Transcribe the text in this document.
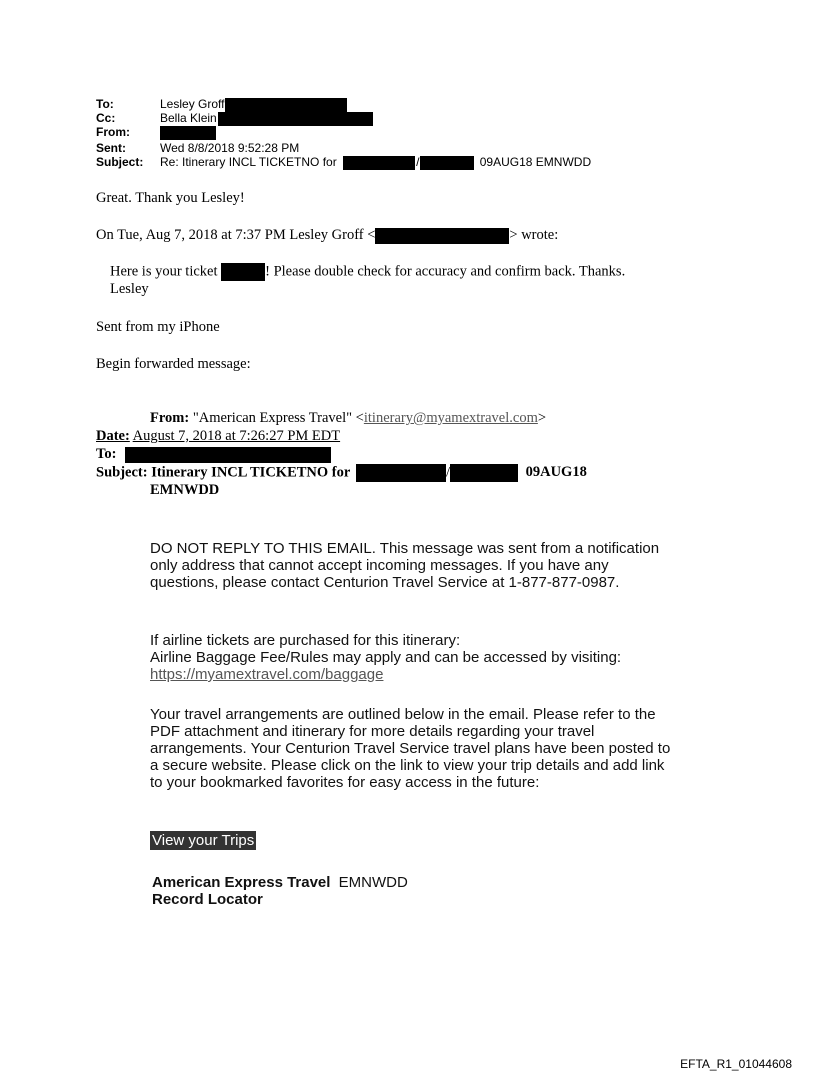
To:	Lesley Groff
Cc:	Bella Klein
From:
Sent:	Wed 8/8/2018 9:52:28 PM
Subject: Re: Itinerary INCL TICKETNO for	/	09AUG18 EMNWDD
Great. Thank you Lesley!
On Tue, Aug 7, 2018 at 7:37 PM Lesley Groff <	> wrote:
Here is your ticket	! Please double check for accuracy and confirm back. Thanks.
Lesley
Sent from my iPhone
Begin forwarded message:
From: "American Express Travel" <itinerary@myamextravel.com>
Date: August 7, 2018 at 7:26:27 PM EDT
To:
Subject: Itinerary INCL TICKETNO for	/	09AUG18
EMNWDD
DO NOT REPLY TO THIS EMAIL. This message was sent from a notification only address that cannot accept incoming messages. If you have any questions, please contact Centurion Travel Service at 1-877-877-0987.
If airline tickets are purchased for this itinerary:
Airline Baggage Fee/Rules may apply and can be accessed by visiting:
https://myamextravel.com/baggage
Your travel arrangements are outlined below in the email. Please refer to the PDF attachment and itinerary for more details regarding your travel arrangements. Your Centurion Travel Service travel plans have been posted to a secure website. Please click on the link to view your trip details and add link to your bookmarked favorites for easy access in the future:
View your Trips
American Express Travel EMNWDD
Record Locator
EFTA_R1_01044608
